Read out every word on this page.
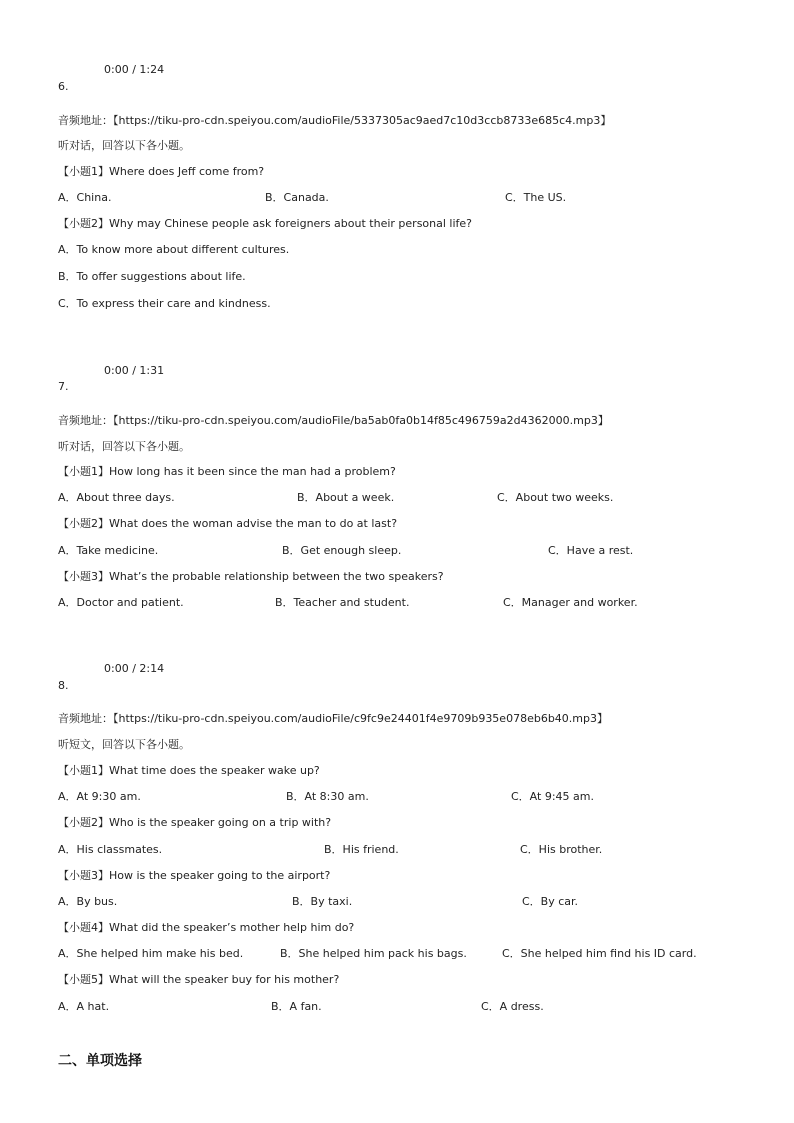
0:00 / 1:24
6.
音频地址：【https://tiku-pro-cdn.speiyou.com/audioFile/5337305ac9aed7c10d3ccb8733e685c4.mp3】
听对话，回答以下各小题。
【小题1】Where does Jeff come from?
A．China.	B．Canada.	C．The US.
【小题2】Why may Chinese people ask foreigners about their personal life?
A．To know more about different cultures.
B．To offer suggestions about life.
C．To express their care and kindness.
0:00 / 1:31
7.
音频地址：【https://tiku-pro-cdn.speiyou.com/audioFile/ba5ab0fa0b14f85c496759a2d4362000.mp3】
听对话，回答以下各小题。
【小题1】How long has it been since the man had a problem?
A．About three days.	B．About a week.	C．About two weeks.
【小题2】What does the woman advise the man to do at last?
A．Take medicine.	B．Get enough sleep.	C．Have a rest.
【小题3】What’s the probable relationship between the two speakers?
A．Doctor and patient.	B．Teacher and student.	C．Manager and worker.
0:00 / 2:14
8.
音频地址：【https://tiku-pro-cdn.speiyou.com/audioFile/c9fc9e24401f4e9709b935e078eb6b40.mp3】
听短文，回答以下各小题。
【小题1】What time does the speaker wake up?
A．At 9:30 am.	B．At 8:30 am.	C．At 9:45 am.
【小题2】Who is the speaker going on a trip with?
A．His classmates.	B．His friend.	C．His brother.
【小题3】How is the speaker going to the airport?
A．By bus.	B．By taxi.	C．By car.
【小题4】What did the speaker’s mother help him do?
A．She helped him make his bed.	B．She helped him pack his bags.	C．She helped him find his ID card.
【小题5】What will the speaker buy for his mother?
A．A hat.	B．A fan.	C．A dress.
二、单项选择
